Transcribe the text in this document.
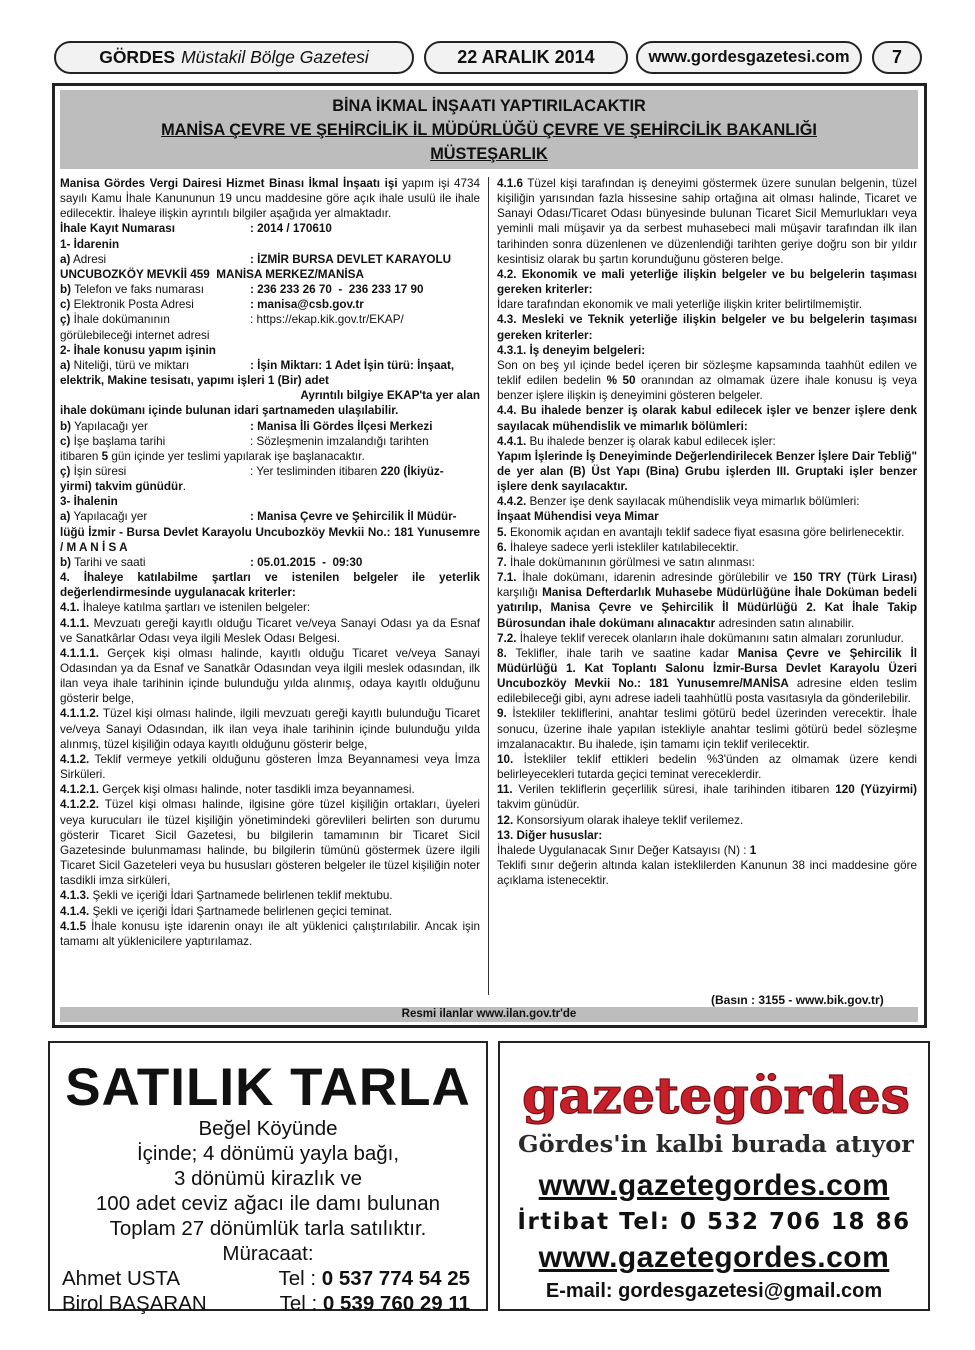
GÖRDES Müstakil Bölge Gazetesi	22 ARALIK 2014	www.gordesgazetesi.com	7
BİNA İKMAL İNŞAATI YAPTIRILACAKTIR
MANİSA ÇEVRE VE ŞEHİRCİLİK İL MÜDÜRLÜĞÜ ÇEVRE VE ŞEHİRCİLİK BAKANLIĞI
MÜSTEŞARLIK

Manisa Gördes Vergi Dairesi Hizmet Binası İkmal İnşaatı işi yapım işi 4734 sayılı Kamu İhale Kanununun 19 uncu maddesine göre açık ihale usulü ile ihale edilecektir. İhaleye ilişkin ayrıntılı bilgiler aşağıda yer almaktadır.

İhale Kayıt Numarası	: 2014 / 170610

1- İdarenin

a) Adresi	: İZMİR BURSA DEVLET KARAYOLU

UNCUBOZKÖY MEVKİİ 459  MANİSA MERKEZ/MANİSA

b) Telefon ve faks numarası	: 236 233 26 70  -  236 233 17 90
c) Elektronik Posta Adresi	: manisa@csb.gov.tr
ç) İhale dokümanının	: https://ekap.kik.gov.tr/EKAP/

görülebileceği internet adresi

2- İhale konusu yapım işinin

a) Niteliği, türü ve miktarı	: İşin Miktarı: 1 Adet İşin türü: İnşaat,

elektrik, Makine tesisatı, yapımı işleri 1 (Bir) adet

Ayrıntılı bilgiye EKAP'ta yer alan

ihale dokümanı içinde bulunan idari şartnameden ulaşılabilir.

b) Yapılacağı yer	: Manisa İli Gördes İlçesi Merkezi
c) İşe başlama tarihi	: Sözleşmenin imzalandığı tarihten

itibaren 5 gün içinde yer teslimi yapılarak işe başlanacaktır.

ç) İşin süresi	: Yer tesliminden itibaren 220 (İkiyüz-

yirmi) takvim günüdür.

3- İhalenin

a) Yapılacağı yer	: Manisa Çevre ve Şehircilik İl Müdür-

lüğü İzmir - Bursa Devlet Karayolu Uncubozköy Mevkii No.: 181 Yunusemre / M A N İ S A

b) Tarihi ve saati	: 05.01.2015  -  09:30

4. İhaleye katılabilme şartları ve istenilen belgeler ile yeterlik değerlendirmesinde uygulanacak kriterler:

4.1. İhaleye katılma şartları ve istenilen belgeler:

4.1.1. Mevzuatı gereği kayıtlı olduğu Ticaret ve/veya Sanayi Odası ya da Esnaf ve Sanatkârlar Odası veya ilgili Meslek Odası Belgesi.

4.1.1.1. Gerçek kişi olması halinde, kayıtlı olduğu Ticaret ve/veya Sanayi Odasından ya da Esnaf ve Sanatkâr Odasından veya ilgili meslek odasından, ilk ilan veya ihale tarihinin içinde bulunduğu yılda alınmış, odaya kayıtlı olduğunu gösterir belge,

4.1.1.2. Tüzel kişi olması halinde, ilgili mevzuatı gereği kayıtlı bulunduğu Ticaret ve/veya Sanayi Odasından, ilk ilan veya ihale tarihinin içinde bulunduğu yılda alınmış, tüzel kişiliğin odaya kayıtlı olduğunu gösterir belge,

4.1.2. Teklif vermeye yetkili olduğunu gösteren İmza Beyannamesi veya İmza Sirküleri.

4.1.2.1. Gerçek kişi olması halinde, noter tasdikli imza beyannamesi.

4.1.2.2. Tüzel kişi olması halinde, ilgisine göre tüzel kişiliğin ortakları, üyeleri veya kurucuları ile tüzel kişiliğin yönetimindeki görevlileri belirten son durumu gösterir Ticaret Sicil Gazetesi, bu bilgilerin tamamının bir Ticaret Sicil Gazetesinde bulunmaması halinde, bu bilgilerin tümünü göstermek üzere ilgili Ticaret Sicil Gazeteleri veya bu hususları gösteren belgeler ile tüzel kişiliğin noter tasdikli imza sirküleri,

4.1.3. Şekli ve içeriği İdari Şartnamede belirlenen teklif mektubu.

4.1.4. Şekli ve içeriği İdari Şartnamede belirlenen geçici teminat.

4.1.5 İhale konusu işte idarenin onayı ile alt yüklenici çalıştırılabilir. Ancak işin tamamı alt yüklenicilere yaptırılamaz.

4.1.6 Tüzel kişi tarafından iş deneyimi göstermek üzere sunulan belgenin, tüzel kişiliğin yarısından fazla hissesine sahip ortağına ait olması halinde, Ticaret ve Sanayi Odası/Ticaret Odası bünyesinde bulunan Ticaret Sicil Memurlukları veya yeminli mali müşavir ya da serbest muhasebeci mali müşavir tarafından ilk ilan tarihinden sonra düzenlenen ve düzenlendiği tarihten geriye doğru son bir yıldır kesintisiz olarak bu şartın korunduğunu gösteren belge.

4.2. Ekonomik ve mali yeterliğe ilişkin belgeler ve bu belgelerin taşıması gereken kriterler:

İdare tarafından ekonomik ve mali yeterliğe ilişkin kriter belirtilmemiştir.

4.3. Mesleki ve Teknik yeterliğe ilişkin belgeler ve bu belgelerin taşıması gereken kriterler:

4.3.1. İş deneyim belgeleri:

Son on beş yıl içinde bedel içeren bir sözleşme kapsamında taahhüt edilen ve teklif edilen bedelin % 50 oranından az olmamak üzere ihale konusu iş veya benzer işlere ilişkin iş deneyimini gösteren belgeler.

4.4. Bu ihalede benzer iş olarak kabul edilecek işler ve benzer işlere denk sayılacak mühendislik ve mimarlık bölümleri:

4.4.1. Bu ihalede benzer iş olarak kabul edilecek işler:

Yapım İşlerinde İş Deneyiminde Değerlendirilecek Benzer İşlere Dair Tebliğ" de yer alan (B) Üst Yapı (Bina) Grubu işlerden III. Gruptaki işler benzer işlere denk sayılacaktır.

4.4.2. Benzer işe denk sayılacak mühendislik veya mimarlık bölümleri:

İnşaat Mühendisi veya Mimar

5. Ekonomik açıdan en avantajlı teklif sadece fiyat esasına göre belirlenecektir.

6. İhaleye sadece yerli istekliler katılabilecektir.

7. İhale dokümanının görülmesi ve satın alınması:

7.1. İhale dokümanı, idarenin adresinde görülebilir ve 150 TRY (Türk Lirası) karşılığı Manisa Defterdarlık Muhasebe Müdürlüğüne İhale Doküman bedeli yatırılıp, Manisa Çevre ve Şehircilik İl Müdürlüğü 2. Kat İhale Takip Bürosundan ihale dokümanı alınacaktır adresinden satın alınabilir.

7.2. İhaleye teklif verecek olanların ihale dokümanını satın almaları zorunludur.

8. Teklifler, ihale tarih ve saatine kadar Manisa Çevre ve Şehircilik İl Müdürlüğü 1. Kat Toplantı Salonu İzmir-Bursa Devlet Karayolu Üzeri Uncubozköy Mevkii No.: 181 Yunusemre/MANİSA adresine elden teslim edilebileceği gibi, aynı adrese iadeli taahhütlü posta vasıtasıyla da gönderilebilir.

9. İstekliler tekliflerini, anahtar teslimi götürü bedel üzerinden verecektir. İhale sonucu, üzerine ihale yapılan istekliyle anahtar teslimi götürü bedel sözleşme imzalanacaktır. Bu ihalede, işin tamamı için teklif verilecektir.

10. İstekliler teklif ettikleri bedelin %3'ünden az olmamak üzere kendi belirleyecekleri tutarda geçici teminat vereceklerdir.

11. Verilen tekliflerin geçerlilik süresi, ihale tarihinden itibaren 120 (Yüzyirmi) takvim günüdür.

12. Konsorsiyum olarak ihaleye teklif verilemez.

13. Diğer hususlar:

İhalede Uygulanacak Sınır Değer Katsayısı (N) : 1

Teklifi sınır değerin altında kalan isteklilerden Kanunun 38 inci maddesine göre açıklama istenecektir.

(Basın : 3155 - www.bik.gov.tr)
Resmi ilanlar www.ilan.gov.tr'de
SATILIK TARLA
Beğel Köyünde
İçinde; 4 dönümü yayla bağı,
3 dönümü kirazlık ve
100 adet ceviz ağacı ile damı bulunan
Toplam 27 dönümlük tarla satılıktır.
Müracaat:
Ahmet USTA	Tel : 0 537 774 54 25
Birol BAŞARAN	Tel : 0 539 760 29 11
gazetegördes
Gördes'in kalbi burada atıyor
www.gazetegordes.com
İrtibat Tel: 0 532 706 18 86
www.gazetegordes.com
E-mail: gordesgazetesi@gmail.com
